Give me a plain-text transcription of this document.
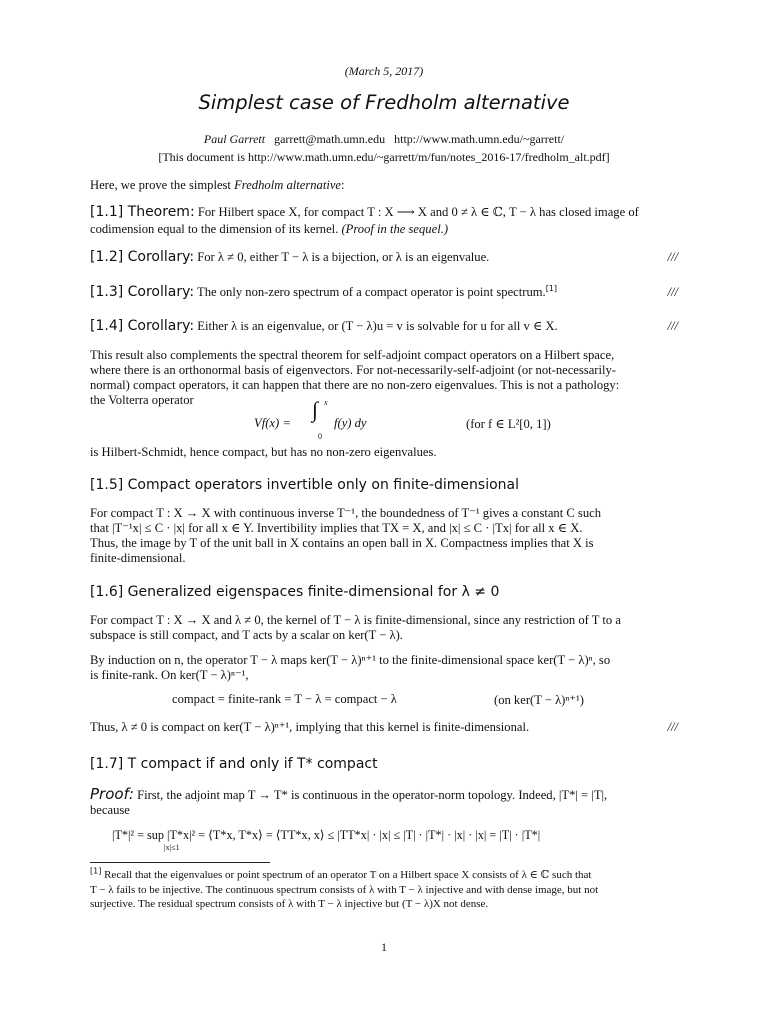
(March 5, 2017)
Simplest case of Fredholm alternative
Paul Garrett garrett@math.umn.edu http://www.math.umn.edu/~garrett/
[This document is http://www.math.umn.edu/~garrett/m/fun/notes_2016-17/fredholm_alt.pdf]
Here, we prove the simplest Fredholm alternative:
[1.1] Theorem: For Hilbert space X, for compact T : X ⟶ X and 0 ≠ λ ∈ ℂ, T − λ has closed image of
codimension equal to the dimension of its kernel. (Proof in the sequel.)
[1.2] Corollary: For λ ≠ 0, either T − λ is a bijection, or λ is an eigenvalue.	///
[1.3] Corollary: The only non-zero spectrum of a compact operator is point spectrum.[1]	///
[1.4] Corollary: Either λ is an eigenvalue, or (T − λ)u = v is solvable for u for all v ∈ X.	///
This result also complements the spectral theorem for self-adjoint compact operators on a Hilbert space,
where there is an orthonormal basis of eigenvectors. For not-necessarily-self-adjoint (or not-necessarily-
normal) compact operators, it can happen that there are no non-zero eigenvalues. This is not a pathology:
the Volterra operator
Vf(x) =
∫ x
0
f(y) dy	(for f ∈ L²[0, 1])
is Hilbert-Schmidt, hence compact, but has no non-zero eigenvalues.
[1.5] Compact operators invertible only on finite-dimensional
For compact T : X → X with continuous inverse T⁻¹, the boundedness of T⁻¹ gives a constant C such
that |T⁻¹x| ≤ C · |x| for all x ∈ Y. Invertibility implies that TX = X, and |x| ≤ C · |Tx| for all x ∈ X.
Thus, the image by T of the unit ball in X contains an open ball in X. Compactness implies that X is
finite-dimensional.
[1.6] Generalized eigenspaces finite-dimensional for λ ≠ 0
For compact T : X → X and λ ≠ 0, the kernel of T − λ is finite-dimensional, since any restriction of T to a
subspace is still compact, and T acts by a scalar on ker(T − λ).
By induction on n, the operator T − λ maps ker(T − λ)ⁿ⁺¹ to the finite-dimensional space ker(T − λ)ⁿ, so
is finite-rank. On ker(T − λ)ⁿ⁻¹,
compact = finite-rank = T − λ = compact − λ	(on ker(T − λ)ⁿ⁺¹)
Thus, λ ≠ 0 is compact on ker(T − λ)ⁿ⁺¹, implying that this kernel is finite-dimensional.	///
[1.7] T compact if and only if T* compact
Proof: First, the adjoint map T → T* is continuous in the operator-norm topology. Indeed, |T*| = |T|,
because
|T*|² = sup |T*x|² = ⟨T*x, T*x⟩ = ⟨TT*x, x⟩ ≤ |TT*x| · |x| ≤ |T| · |T*| · |x| · |x| = |T| · |T*|
|x|≤1
[1] Recall that the eigenvalues or point spectrum of an operator T on a Hilbert space X consists of λ ∈ ℂ such that
T − λ fails to be injective. The continuous spectrum consists of λ with T − λ injective and with dense image, but not
surjective. The residual spectrum consists of λ with T − λ injective but (T − λ)X not dense.
1
